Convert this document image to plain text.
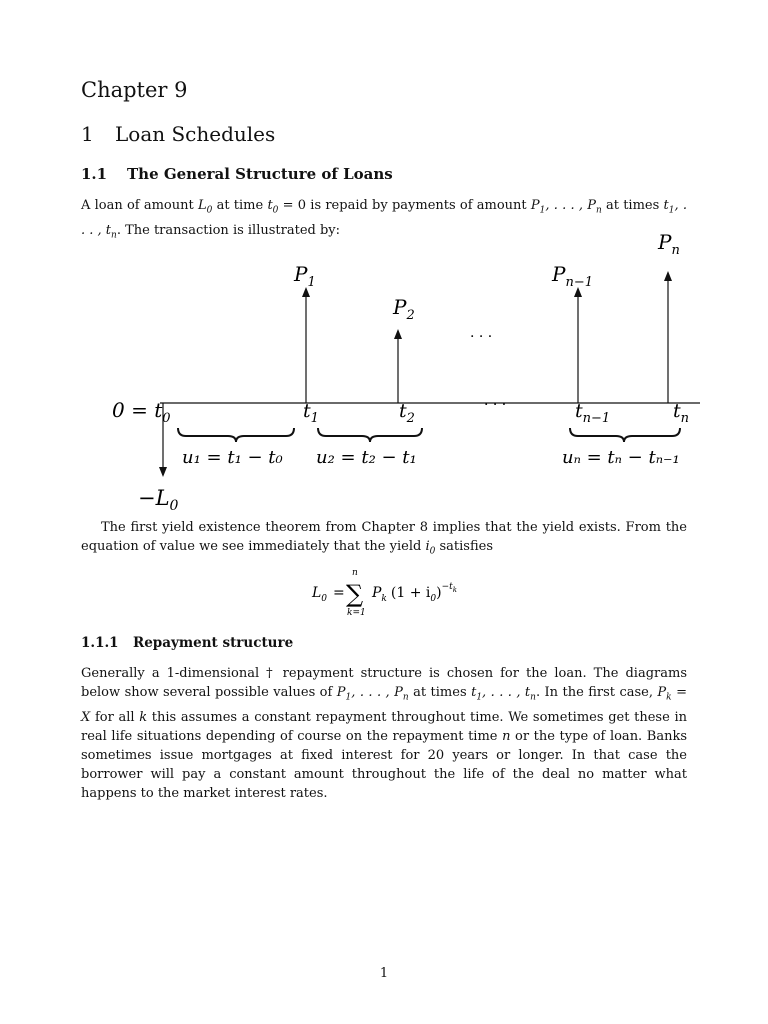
Chapter 9
1 Loan Schedules
1.1 The General Structure of Loans

A loan of amount $L_0$ at time $t_0 = 0$ is repaid by payments of amount $P_1$, . . . , $P_n$ at times $t_1$, . . . , $t_n$. The transaction is illustrated by:

$-L_0$
$0 = t_0$
$P_1$
$P_2$
$P_{n-1}$
$P_n$
· · ·
· · ·
$t_1$	$t_2$	$t_{n-1}$	$t_n$
u₁ = t₁ − t₀ u₂ = t₂ − t₁	uₙ = tₙ − tₙ₋₁

The first yield existence theorem from Chapter 8 implies that the yield exists. From the equation of value we see immediately that the yield $i_0$ satisfies

$L_0$ =
n
∑
k=1
$P_k$ $(1 + i_0)^{-t}_k$
1.1.1 Repayment structure

Generally a 1-dimensional † repayment structure is chosen for the loan. The diagrams below show several possible values of $P_1$, . . . , $P_n$ at times $t_1$, . . . , $t_n$. In the first case, $P_k = X$ for all k this assumes a constant repayment throughout time. We sometimes get these in real life situations depending of course on the repayment time n or the type of loan. Banks sometimes issue mortgages at fixed interest for 20 years or longer. In that case the borrower will pay a constant amount throughout the life of the deal no matter what happens to the market interest rates.

1
